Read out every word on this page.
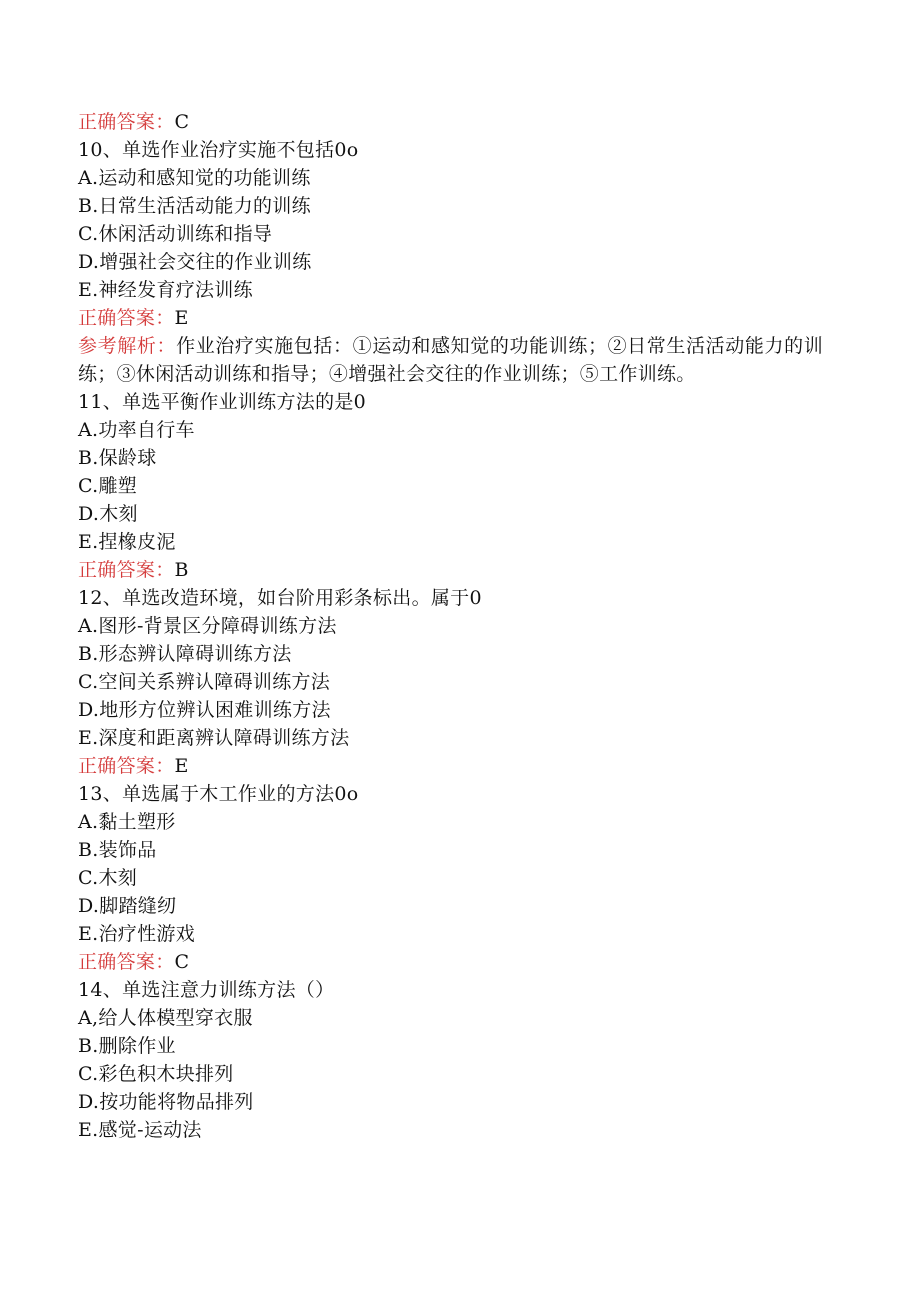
正确答案：C
10、单选作业治疗实施不包括0o
A.运动和感知觉的功能训练
B.日常生活活动能力的训练
C.休闲活动训练和指导
D.增强社会交往的作业训练
E.神经发育疗法训练
正确答案：E
参考解析：作业治疗实施包括：①运动和感知觉的功能训练；②日常生活活动能力的训练；③休闲活动训练和指导；④增强社会交往的作业训练；⑤工作训练。
11、单选平衡作业训练方法的是0
A.功率自行车
B.保龄球
C.雕塑
D.木刻
E.捏橡皮泥
正确答案：B
12、单选改造环境，如台阶用彩条标出。属于0
A.图形-背景区分障碍训练方法
B.形态辨认障碍训练方法
C.空间关系辨认障碍训练方法
D.地形方位辨认困难训练方法
E.深度和距离辨认障碍训练方法
正确答案：E
13、单选属于木工作业的方法0o
A.黏土塑形
B.装饰品
C.木刻
D.脚踏缝纫
E.治疗性游戏
正确答案：C
14、单选注意力训练方法（）
A,给人体模型穿衣服
B.删除作业
C.彩色积木块排列
D.按功能将物品排列
E.感觉-运动法
